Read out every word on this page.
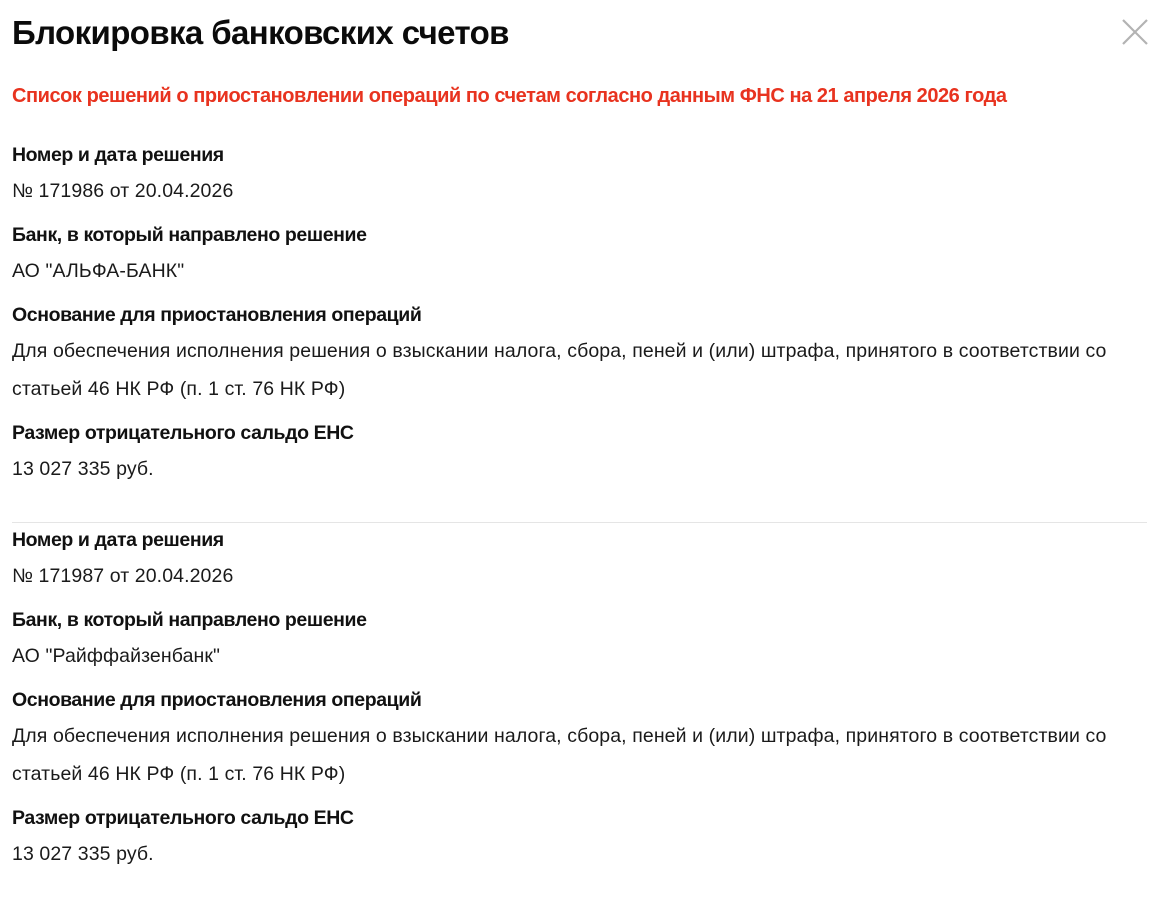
Блокировка банковских счетов

Список решений о приостановлении операций по счетам согласно данным ФНС на 21 апреля 2026 года

Номер и дата решения

№ 171986 от 20.04.2026

Банк, в который направлено решение

АО "АЛЬФА-БАНК"

Основание для приостановления операций

Для обеспечения исполнения решения о взыскании налога, сбора, пеней и (или) штрафа, принятого в соответствии со статьей 46 НК РФ (п. 1 ст. 76 НК РФ)

Размер отрицательного сальдо ЕНС

13 027 335 руб.

Номер и дата решения

№ 171987 от 20.04.2026

Банк, в который направлено решение

АО "Райффайзенбанк"

Основание для приостановления операций

Для обеспечения исполнения решения о взыскании налога, сбора, пеней и (или) штрафа, принятого в соответствии со статьей 46 НК РФ (п. 1 ст. 76 НК РФ)

Размер отрицательного сальдо ЕНС

13 027 335 руб.
